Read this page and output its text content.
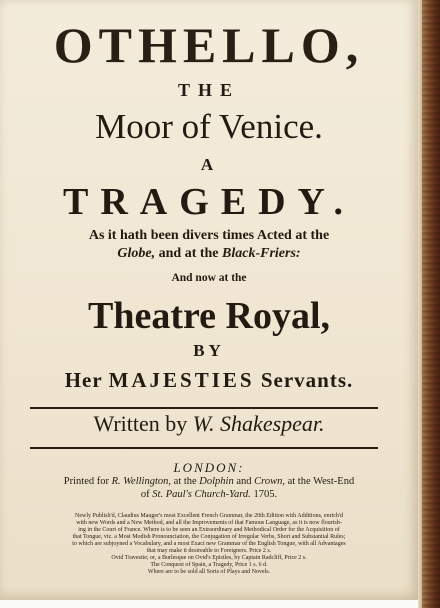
OTHELLO,
THE
Moor of Venice.
A
TRAGEDY.
As it hath been divers times Acted at the
Globe, and at the Black-Friers:
And now at the
Theatre Royal,
BY
Her MAJESTIES Servants.
Written by W. Shakespear.
LONDON:
Printed for R. Wellington, at the Dolphin and Crown, at the West-End
of St. Paul's Church-Yard. 1705.
Newly Publish'd, Claudius Mauger's most Excellent French Grammar, the 20th Edition with Additions, enrich'd
with new Words and a New Method, and all the Improvements of that Famous Language, as it is now flourish-
ing in the Court of France. Where is to be seen an Extraordinary and Methodical Order for the Acquisition of
that Tongue, viz. a Most Modish Pronounciation, the Conjugation of Irregular Verbs, Short and Substantial Rules;
to which are subjoyned a Vocabulary, and a most Exact new Grammar of the English Tongue, with all Advantages
that may make it desireable to Foreigners. Price 2 s.
Ovid Travestie; or, a Burlesque on Ovid's Epistles, by Captain Radcliff, Price 2 s.
The Conquest of Spain, a Tragedy, Price 1 s. 6 d.
Where are to be sold all Sorts of Plays and Novels.
